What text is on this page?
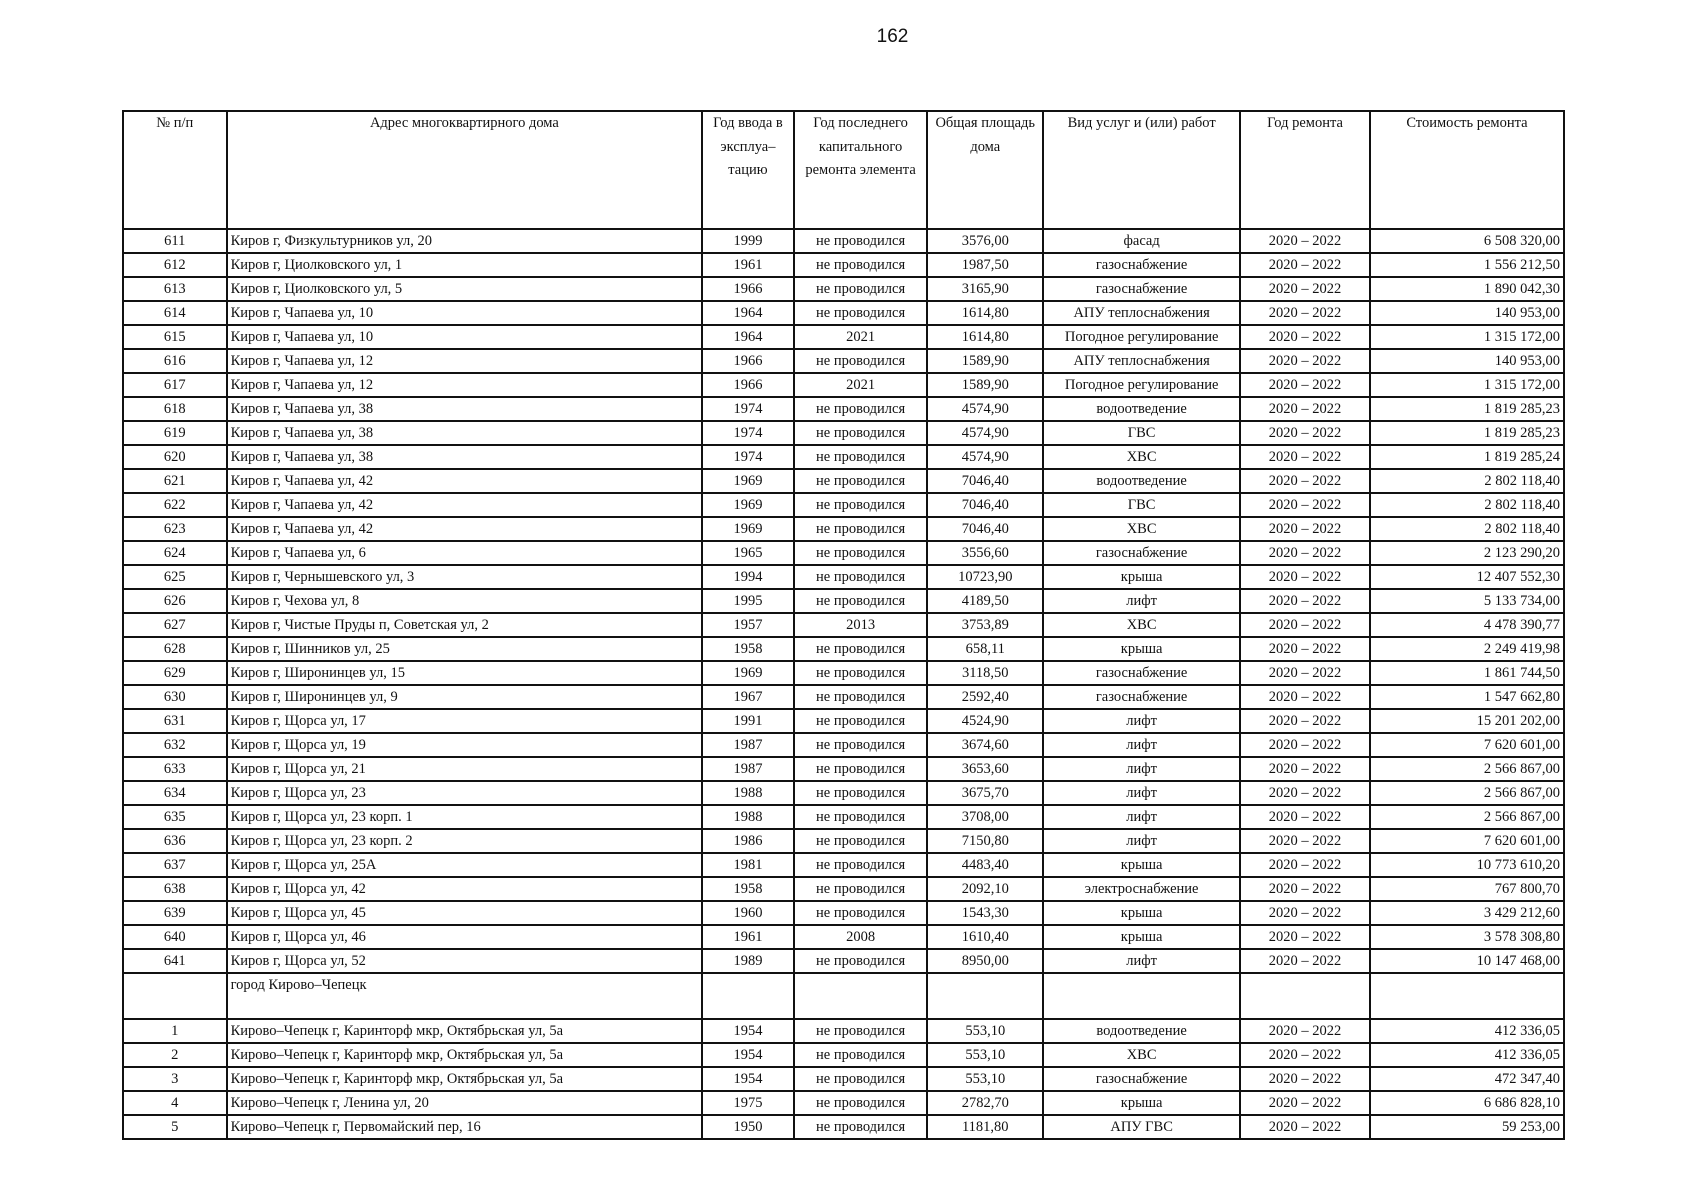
162
№ п/п	Адрес многоквартирного дома	Год ввода в эксплуа–тацию	Год последнего капитального ремонта элемента	Общая площадь дома	Вид услуг и (или) работ	Год ремонта	Стоимость ремонта
611	Киров г, Физкультурников ул, 20	1999	не проводился	3576,00	фасад	2020 – 2022	6 508 320,00
612	Киров г, Циолковского ул, 1	1961	не проводился	1987,50	газоснабжение	2020 – 2022	1 556 212,50
613	Киров г, Циолковского ул, 5	1966	не проводился	3165,90	газоснабжение	2020 – 2022	1 890 042,30
614	Киров г, Чапаева ул, 10	1964	не проводился	1614,80	АПУ теплоснабжения	2020 – 2022	140 953,00
615	Киров г, Чапаева ул, 10	1964	2021	1614,80	Погодное регулирование	2020 – 2022	1 315 172,00
616	Киров г, Чапаева ул, 12	1966	не проводился	1589,90	АПУ теплоснабжения	2020 – 2022	140 953,00
617	Киров г, Чапаева ул, 12	1966	2021	1589,90	Погодное регулирование	2020 – 2022	1 315 172,00
618	Киров г, Чапаева ул, 38	1974	не проводился	4574,90	водоотведение	2020 – 2022	1 819 285,23
619	Киров г, Чапаева ул, 38	1974	не проводился	4574,90	ГВС	2020 – 2022	1 819 285,23
620	Киров г, Чапаева ул, 38	1974	не проводился	4574,90	ХВС	2020 – 2022	1 819 285,24
621	Киров г, Чапаева ул, 42	1969	не проводился	7046,40	водоотведение	2020 – 2022	2 802 118,40
622	Киров г, Чапаева ул, 42	1969	не проводился	7046,40	ГВС	2020 – 2022	2 802 118,40
623	Киров г, Чапаева ул, 42	1969	не проводился	7046,40	ХВС	2020 – 2022	2 802 118,40
624	Киров г, Чапаева ул, 6	1965	не проводился	3556,60	газоснабжение	2020 – 2022	2 123 290,20
625	Киров г, Чернышевского ул, 3	1994	не проводился	10723,90	крыша	2020 – 2022	12 407 552,30
626	Киров г, Чехова ул, 8	1995	не проводился	4189,50	лифт	2020 – 2022	5 133 734,00
627	Киров г, Чистые Пруды п, Советская ул, 2	1957	2013	3753,89	ХВС	2020 – 2022	4 478 390,77
628	Киров г, Шинников ул, 25	1958	не проводился	658,11	крыша	2020 – 2022	2 249 419,98
629	Киров г, Широнинцев ул, 15	1969	не проводился	3118,50	газоснабжение	2020 – 2022	1 861 744,50
630	Киров г, Широнинцев ул, 9	1967	не проводился	2592,40	газоснабжение	2020 – 2022	1 547 662,80
631	Киров г, Щорса ул, 17	1991	не проводился	4524,90	лифт	2020 – 2022	15 201 202,00
632	Киров г, Щорса ул, 19	1987	не проводился	3674,60	лифт	2020 – 2022	7 620 601,00
633	Киров г, Щорса ул, 21	1987	не проводился	3653,60	лифт	2020 – 2022	2 566 867,00
634	Киров г, Щорса ул, 23	1988	не проводился	3675,70	лифт	2020 – 2022	2 566 867,00
635	Киров г, Щорса ул, 23 корп. 1	1988	не проводился	3708,00	лифт	2020 – 2022	2 566 867,00
636	Киров г, Щорса ул, 23 корп. 2	1986	не проводился	7150,80	лифт	2020 – 2022	7 620 601,00
637	Киров г, Щорса ул, 25А	1981	не проводился	4483,40	крыша	2020 – 2022	10 773 610,20
638	Киров г, Щорса ул, 42	1958	не проводился	2092,10	электроснабжение	2020 – 2022	767 800,70
639	Киров г, Щорса ул, 45	1960	не проводился	1543,30	крыша	2020 – 2022	3 429 212,60
640	Киров г, Щорса ул, 46	1961	2008	1610,40	крыша	2020 – 2022	3 578 308,80
641	Киров г, Щорса ул, 52	1989	не проводился	8950,00	лифт	2020 – 2022	10 147 468,00
	город Кирово–Чепецк						
1	Кирово–Чепецк г, Каринторф мкр, Октябрьская ул, 5а	1954	не проводился	553,10	водоотведение	2020 – 2022	412 336,05
2	Кирово–Чепецк г, Каринторф мкр, Октябрьская ул, 5а	1954	не проводился	553,10	ХВС	2020 – 2022	412 336,05
3	Кирово–Чепецк г, Каринторф мкр, Октябрьская ул, 5а	1954	не проводился	553,10	газоснабжение	2020 – 2022	472 347,40
4	Кирово–Чепецк г, Ленина ул, 20	1975	не проводился	2782,70	крыша	2020 – 2022	6 686 828,10
5	Кирово–Чепецк г, Первомайский пер, 16	1950	не проводился	1181,80	АПУ ГВС	2020 – 2022	59 253,00
